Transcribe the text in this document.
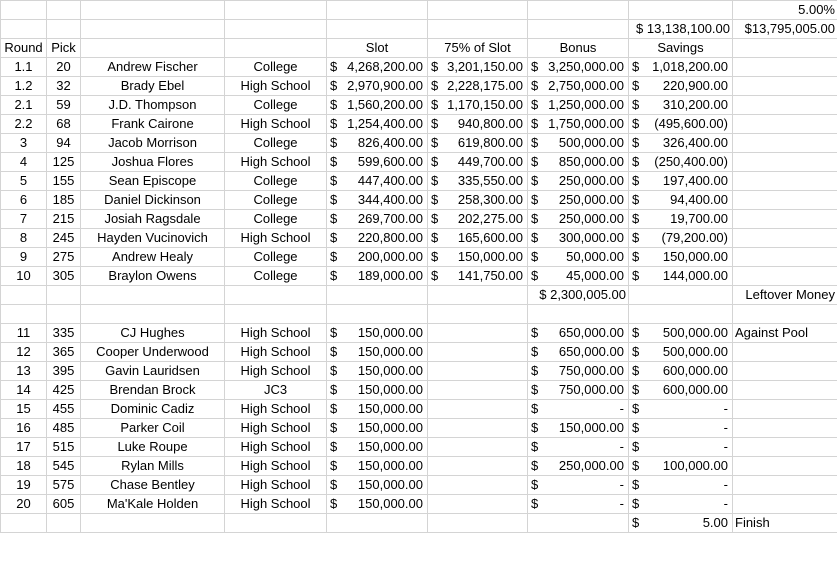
								5.00%
							$ 13,138,100.00	$13,795,005.00
Round	Pick			Slot	75% of Slot	Bonus	Savings	
1.1	20	Andrew Fischer	College	$ 4,268,200.00	$ 3,201,150.00	$ 3,250,000.00	$ 1,018,200.00	

1.2	32	Brady Ebel	High School	$ 2,970,900.00	$ 2,228,175.00	$ 2,750,000.00	$ 220,900.00	

2.1	59	J.D. Thompson	College	$ 1,560,200.00	$ 1,170,150.00	$ 1,250,000.00	$ 310,200.00	

2.2	68	Frank Cairone	High School	$ 1,254,400.00	$ 940,800.00	$ 1,750,000.00	$ (495,600.00)	

3	94	Jacob Morrison	College	$ 826,400.00	$ 619,800.00	$ 500,000.00	$ 326,400.00	

4	125	Joshua Flores	High School	$ 599,600.00	$ 449,700.00	$ 850,000.00	$ (250,400.00)	

5	155	Sean Episcope	College	$ 447,400.00	$ 335,550.00	$ 250,000.00	$ 197,400.00	

6	185	Daniel Dickinson	College	$ 344,400.00	$ 258,300.00	$ 250,000.00	$ 94,400.00	

7	215	Josiah Ragsdale	College	$ 269,700.00	$ 202,275.00	$ 250,000.00	$ 19,700.00	

8	245	Hayden Vucinovich	High School	$ 220,800.00	$ 165,600.00	$ 300,000.00	$ (79,200.00)	

9	275	Andrew Healy	College	$ 200,000.00	$ 150,000.00	$ 50,000.00	$ 150,000.00	

10	305	Braylon Owens	College	$ 189,000.00	$ 141,750.00	$ 45,000.00	$ 144,000.00	

						$ 2,300,005.00		Leftover Money

11	335	CJ Hughes	High School	$ 150,000.00		$ 650,000.00	$ 500,000.00	Against Pool
12	365	Cooper Underwood	High School	$ 150,000.00		$ 650,000.00	$ 500,000.00	

13	395	Gavin Lauridsen	High School	$ 150,000.00		$ 750,000.00	$ 600,000.00	

14	425	Brendan Brock	JC3	$ 150,000.00		$ 750,000.00	$ 600,000.00	

15	455	Dominic Cadiz	High School	$ 150,000.00		$ -	$ -	

16	485	Parker Coil	High School	$ 150,000.00		$ 150,000.00	$ -	

17	515	Luke Roupe	High School	$ 150,000.00		$ -	$ -	

18	545	Rylan Mills	High School	$ 150,000.00		$ 250,000.00	$ 100,000.00	

19	575	Chase Bentley	High School	$ 150,000.00		$ -	$ -	

20	605	Ma'Kale Holden	High School	$ 150,000.00		$ -	$ -	

							$ 5.00	Finish
